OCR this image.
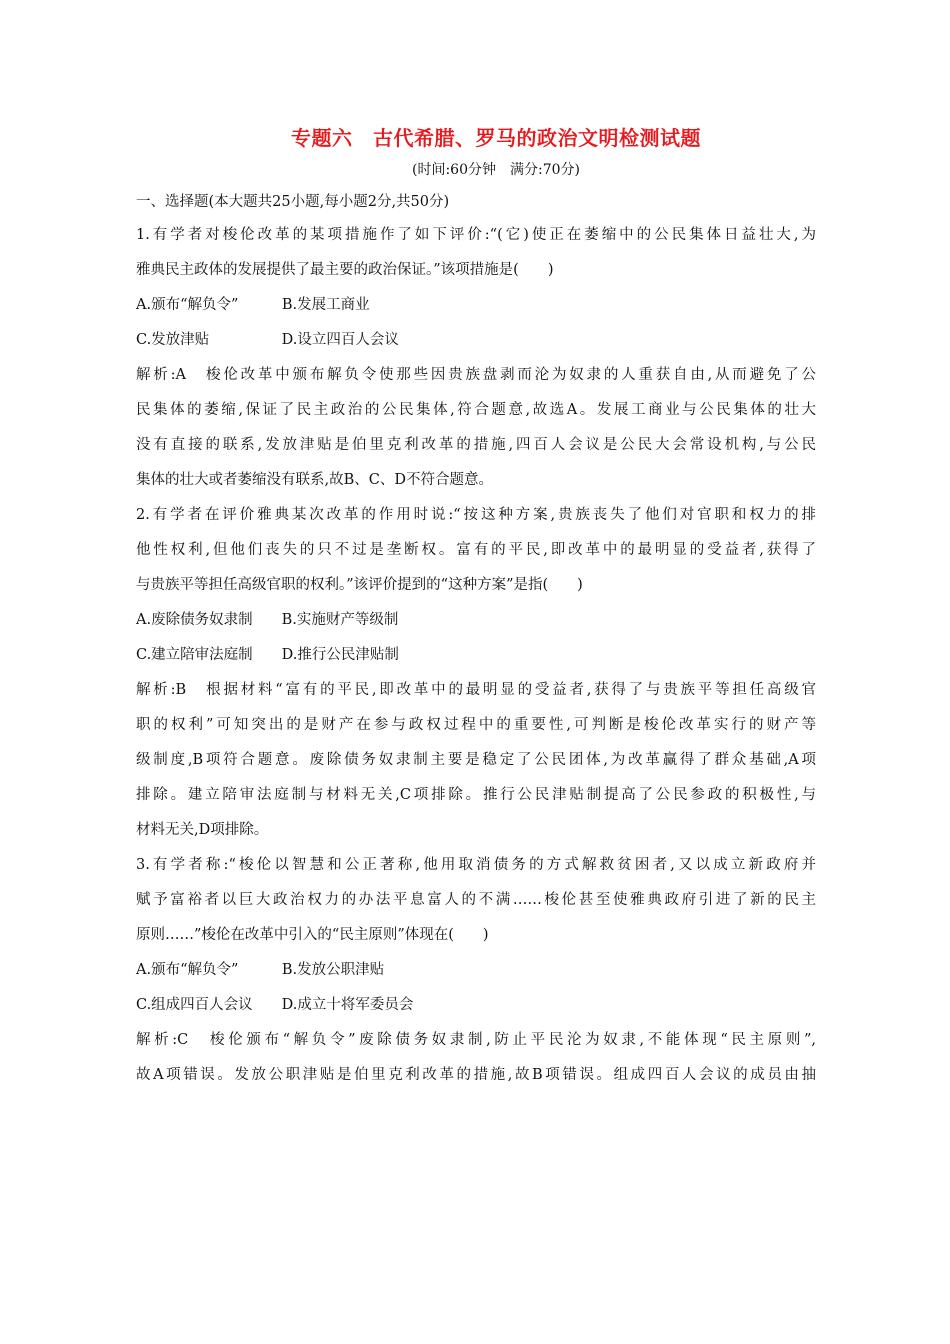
专题六　古代希腊、罗马的政治文明检测试题
(时间:60分钟　满分:70分)
一、选择题(本大题共25小题,每小题2分,共50分)
1.有学者对梭伦改革的某项措施作了如下评价:“(它)使正在萎缩中的公民集体日益壮大,为
雅典民主政体的发展提供了最主要的政治保证。”该项措施是(　　)
A.颁布“解负令”　　　B.发展工商业
C.发放津贴　　　　　D.设立四百人会议
解析:A　梭伦改革中颁布解负令使那些因贵族盘剥而沦为奴隶的人重获自由,从而避免了公
民集体的萎缩,保证了民主政治的公民集体,符合题意,故选A。发展工商业与公民集体的壮大
没有直接的联系,发放津贴是伯里克利改革的措施,四百人会议是公民大会常设机构,与公民
集体的壮大或者萎缩没有联系,故B、C、D不符合题意。
2.有学者在评价雅典某次改革的作用时说:“按这种方案,贵族丧失了他们对官职和权力的排
他性权利,但他们丧失的只不过是垄断权。富有的平民,即改革中的最明显的受益者,获得了
与贵族平等担任高级官职的权利。”该评价提到的“这种方案”是指(　　)
A.废除债务奴隶制　　B.实施财产等级制
C.建立陪审法庭制　　D.推行公民津贴制
解析:B　根据材料“富有的平民,即改革中的最明显的受益者,获得了与贵族平等担任高级官
职的权利”可知突出的是财产在参与政权过程中的重要性,可判断是梭伦改革实行的财产等
级制度,B项符合题意。废除债务奴隶制主要是稳定了公民团体,为改革赢得了群众基础,A项
排除。建立陪审法庭制与材料无关,C项排除。推行公民津贴制提高了公民参政的积极性,与
材料无关,D项排除。
3.有学者称:“梭伦以智慧和公正著称,他用取消债务的方式解救贫困者,又以成立新政府并
赋予富裕者以巨大政治权力的办法平息富人的不满……梭伦甚至使雅典政府引进了新的民主
原则……”梭伦在改革中引入的“民主原则”体现在(　　)
A.颁布“解负令”　　　B.发放公职津贴
C.组成四百人会议　　D.成立十将军委员会
解析:C　梭伦颁布“解负令”废除债务奴隶制,防止平民沦为奴隶,不能体现“民主原则”,
故A项错误。发放公职津贴是伯里克利改革的措施,故B项错误。组成四百人会议的成员由抽
